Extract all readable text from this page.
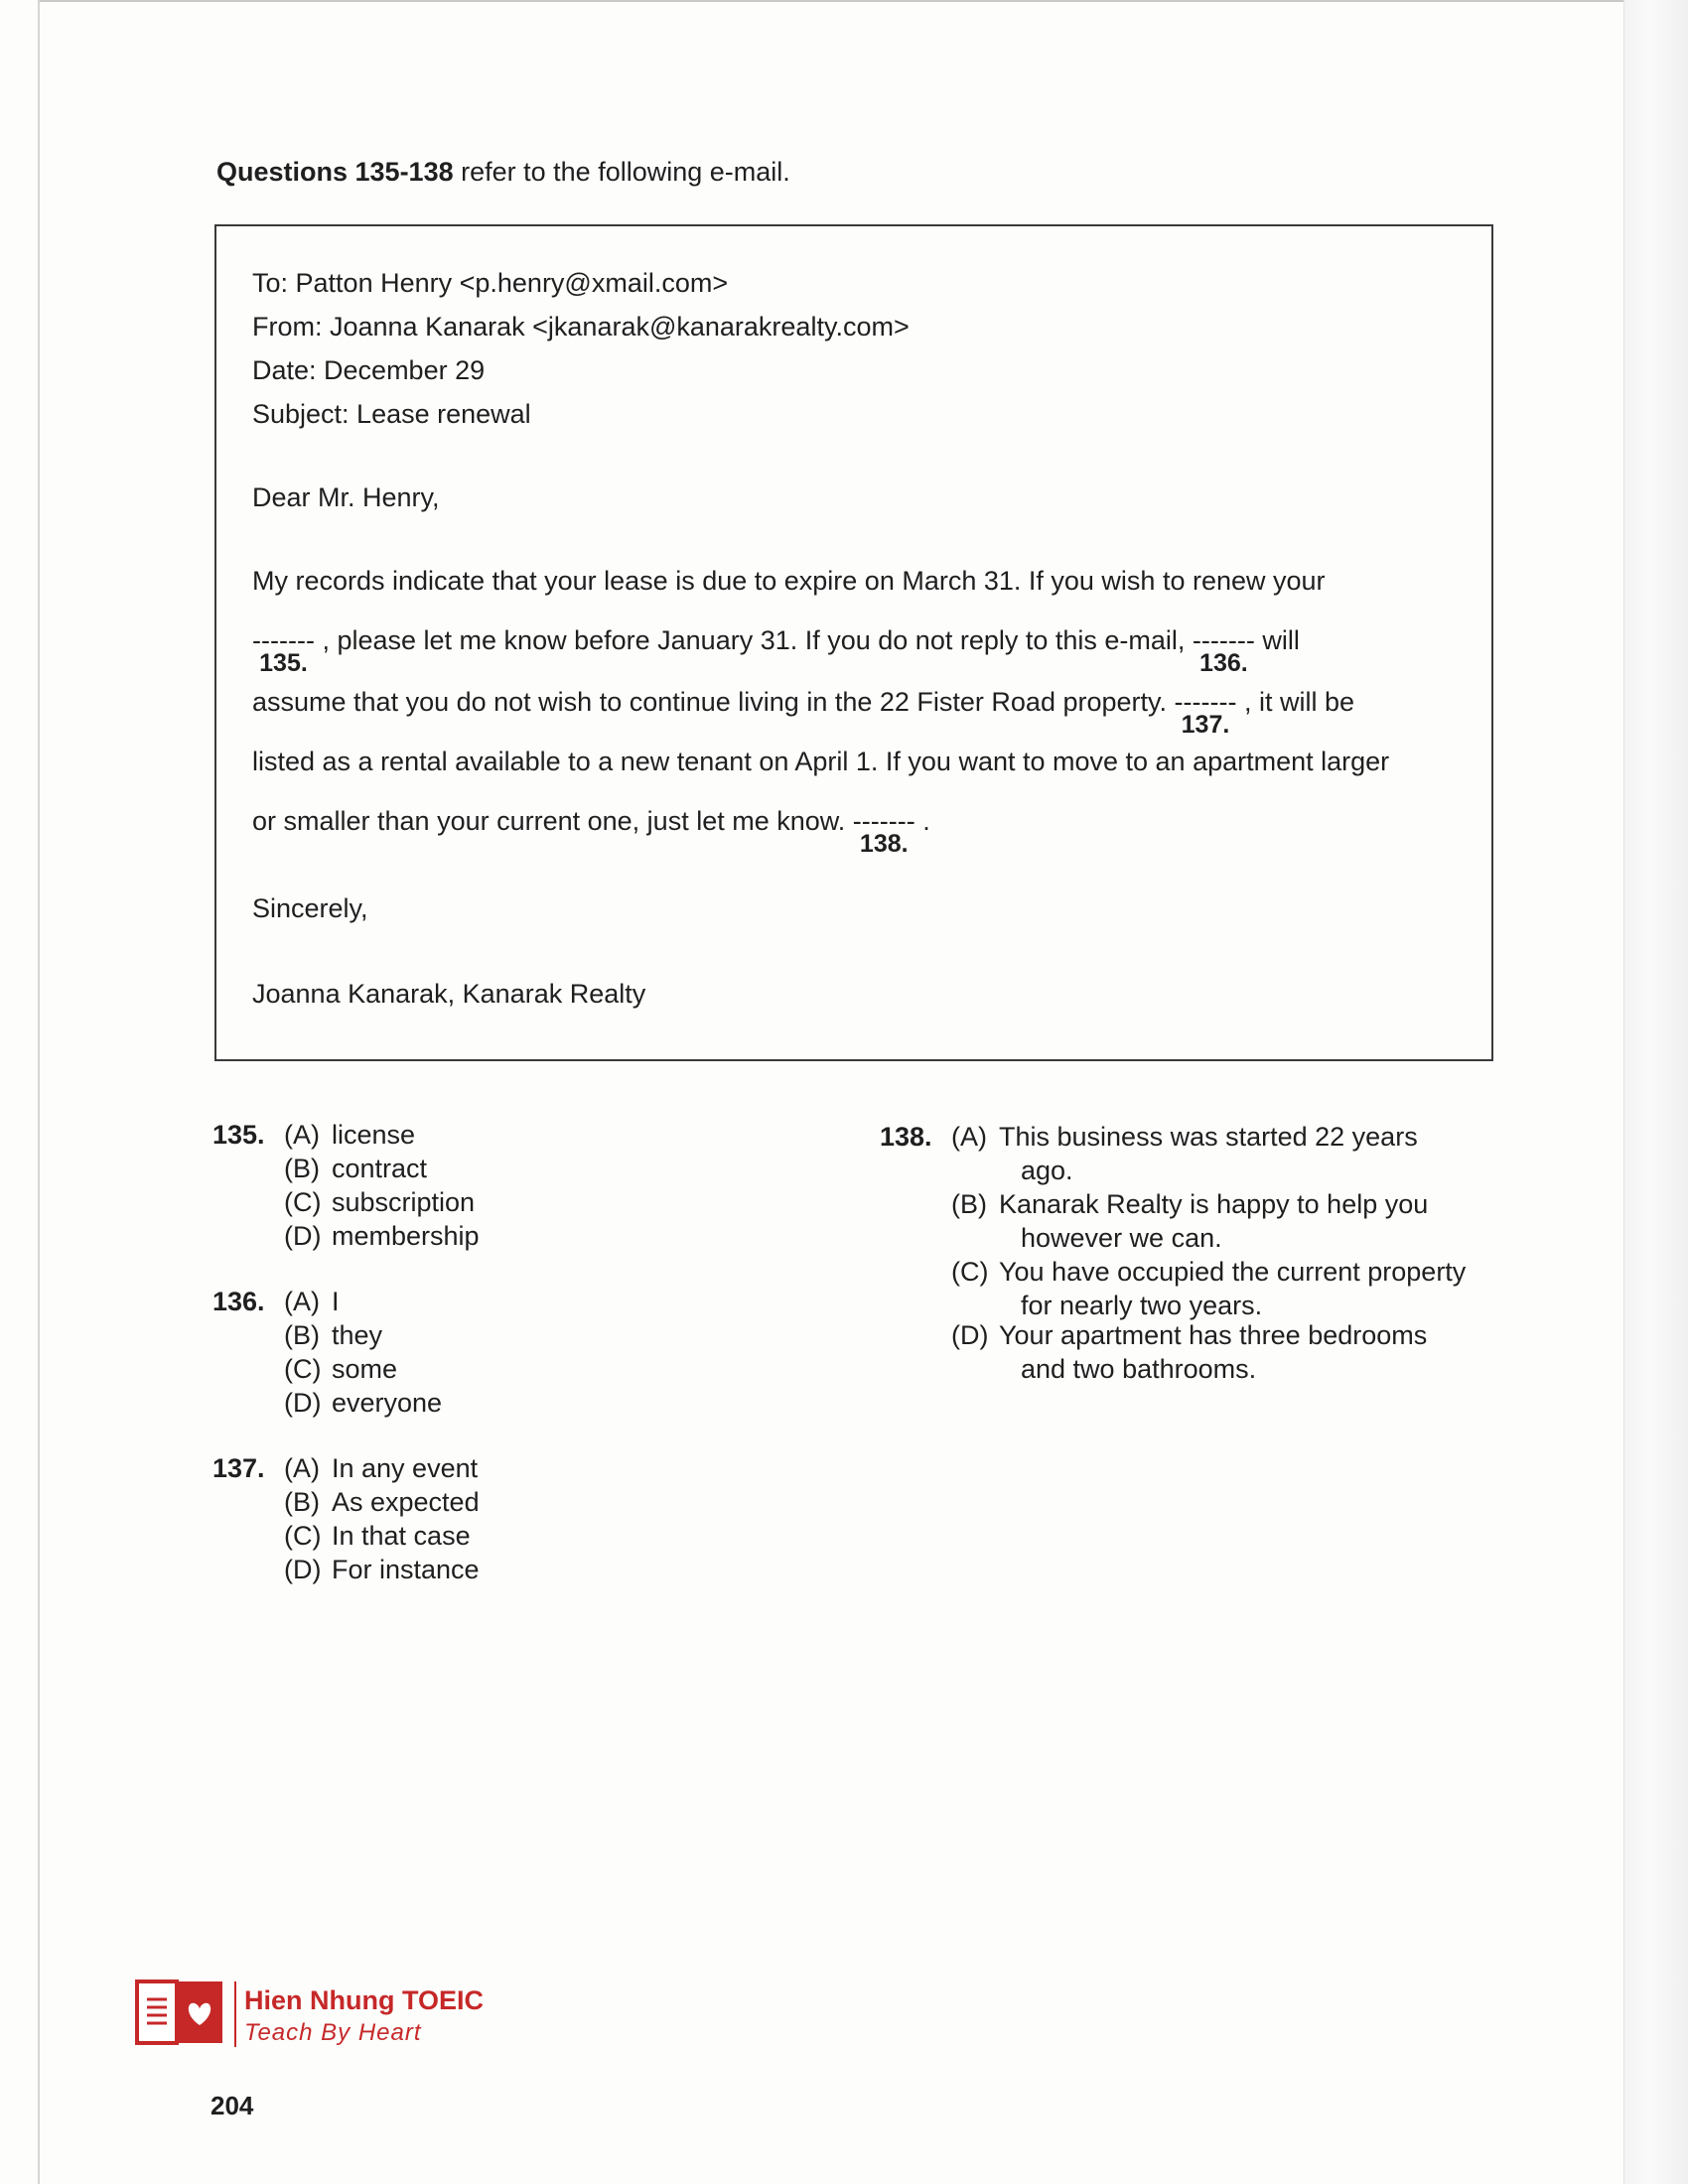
Questions 135-138 refer to the following e-mail.
To: Patton Henry <p.henry@xmail.com>
From: Joanna Kanarak <jkanarak@kanarakrealty.com>
Date: December 29
Subject: Lease renewal
Dear Mr. Henry,
My records indicate that your lease is due to expire on March 31. If you wish to renew your
-------
135.
, please let me know before January 31. If you do not reply to this e-mail, -------
136.
will
assume that you do not wish to continue living in the 22 Fister Road property. -------
137.
, it will be
listed as a rental available to a new tenant on April 1. If you want to move to an apartment larger
or smaller than your current one, just let me know. -------
138.
.
Sincerely,
Joanna Kanarak, Kanarak Realty
135. (A) license
(B) contract
(C) subscription
(D) membership
136. (A) I
(B) they
(C) some
(D) everyone
137. (A) In any event
(B) As expected
(C) In that case
(D) For instance
138. (A) This business was started 22 years
ago.
(B) Kanarak Realty is happy to help you
however we can.
(C) You have occupied the current property
for nearly two years.
(D) Your apartment has three bedrooms
and two bathrooms.
Hien Nhung TOEIC
Teach By Heart
204
